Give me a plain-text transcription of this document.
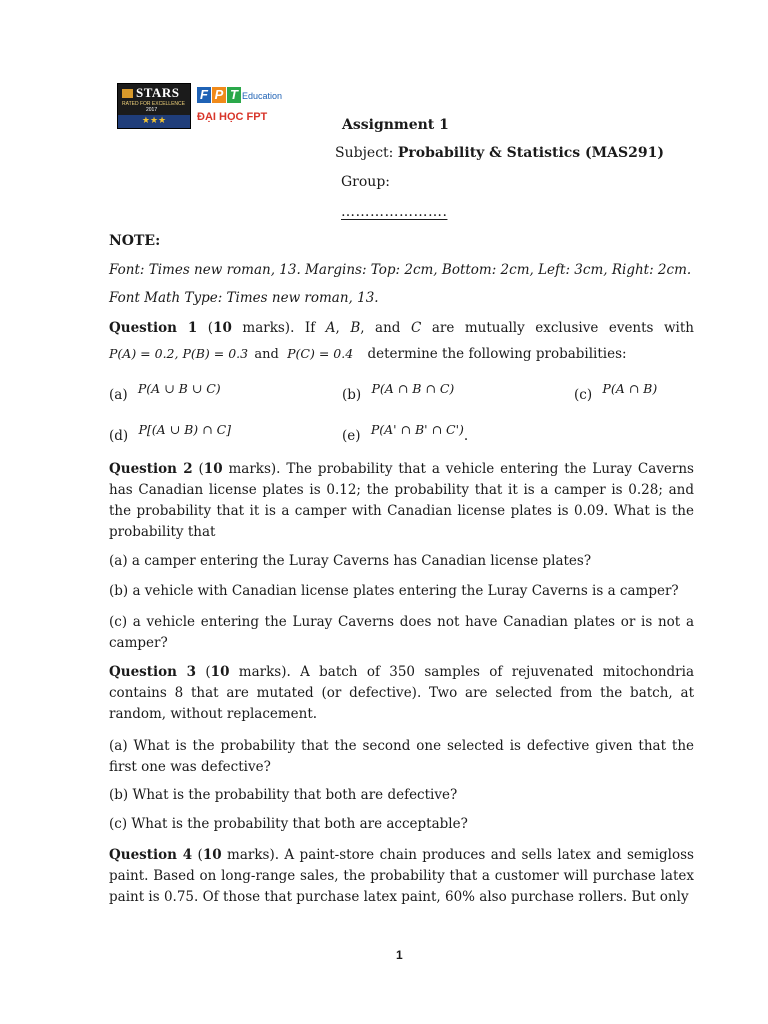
STARS
RATED FOR EXCELLENCE
2017
★★★
F P T Education
ĐẠI HỌC FPT	Assignment 1
Subject: Probability & Statistics (MAS291)
Group:
………………….
NOTE:
Font: Times new roman, 13. Margins: Top: 2cm, Bottom: 2cm, Left: 3cm, Right: 2cm.
Font Math Type: Times new roman, 13.
Question 1 (10 marks). If A, B, and C are mutually exclusive events with
P(A) = 0.2, P(B) = 0.3 and P(C) = 0.4 determine the following probabilities:
(a) P(A ∪ B ∪ C)	(b) P(A ∩ B ∩ C)	(c) P(A ∩ B)
(d) P[(A ∪ B) ∩ C]	(e) P(A' ∩ B' ∩ C').
Question 2 (10 marks). The probability that a vehicle entering the Luray Caverns has Canadian license plates is 0.12; the probability that it is a camper is 0.28; and the probability that it is a camper with Canadian license plates is 0.09. What is the probability that
(a) a camper entering the Luray Caverns has Canadian license plates?
(b) a vehicle with Canadian license plates entering the Luray Caverns is a camper?
(c) a vehicle entering the Luray Caverns does not have Canadian plates or is not a camper?
Question 3 (10 marks). A batch of 350 samples of rejuvenated mitochondria contains 8 that are mutated (or defective). Two are selected from the batch, at random, without replacement.
(a) What is the probability that the second one selected is defective given that the first one was defective?
(b) What is the probability that both are defective?
(c) What is the probability that both are acceptable?
Question 4 (10 marks). A paint-store chain produces and sells latex and semigloss paint. Based on long-range sales, the probability that a customer will purchase latex paint is 0.75. Of those that purchase latex paint, 60% also purchase rollers. But only
1
